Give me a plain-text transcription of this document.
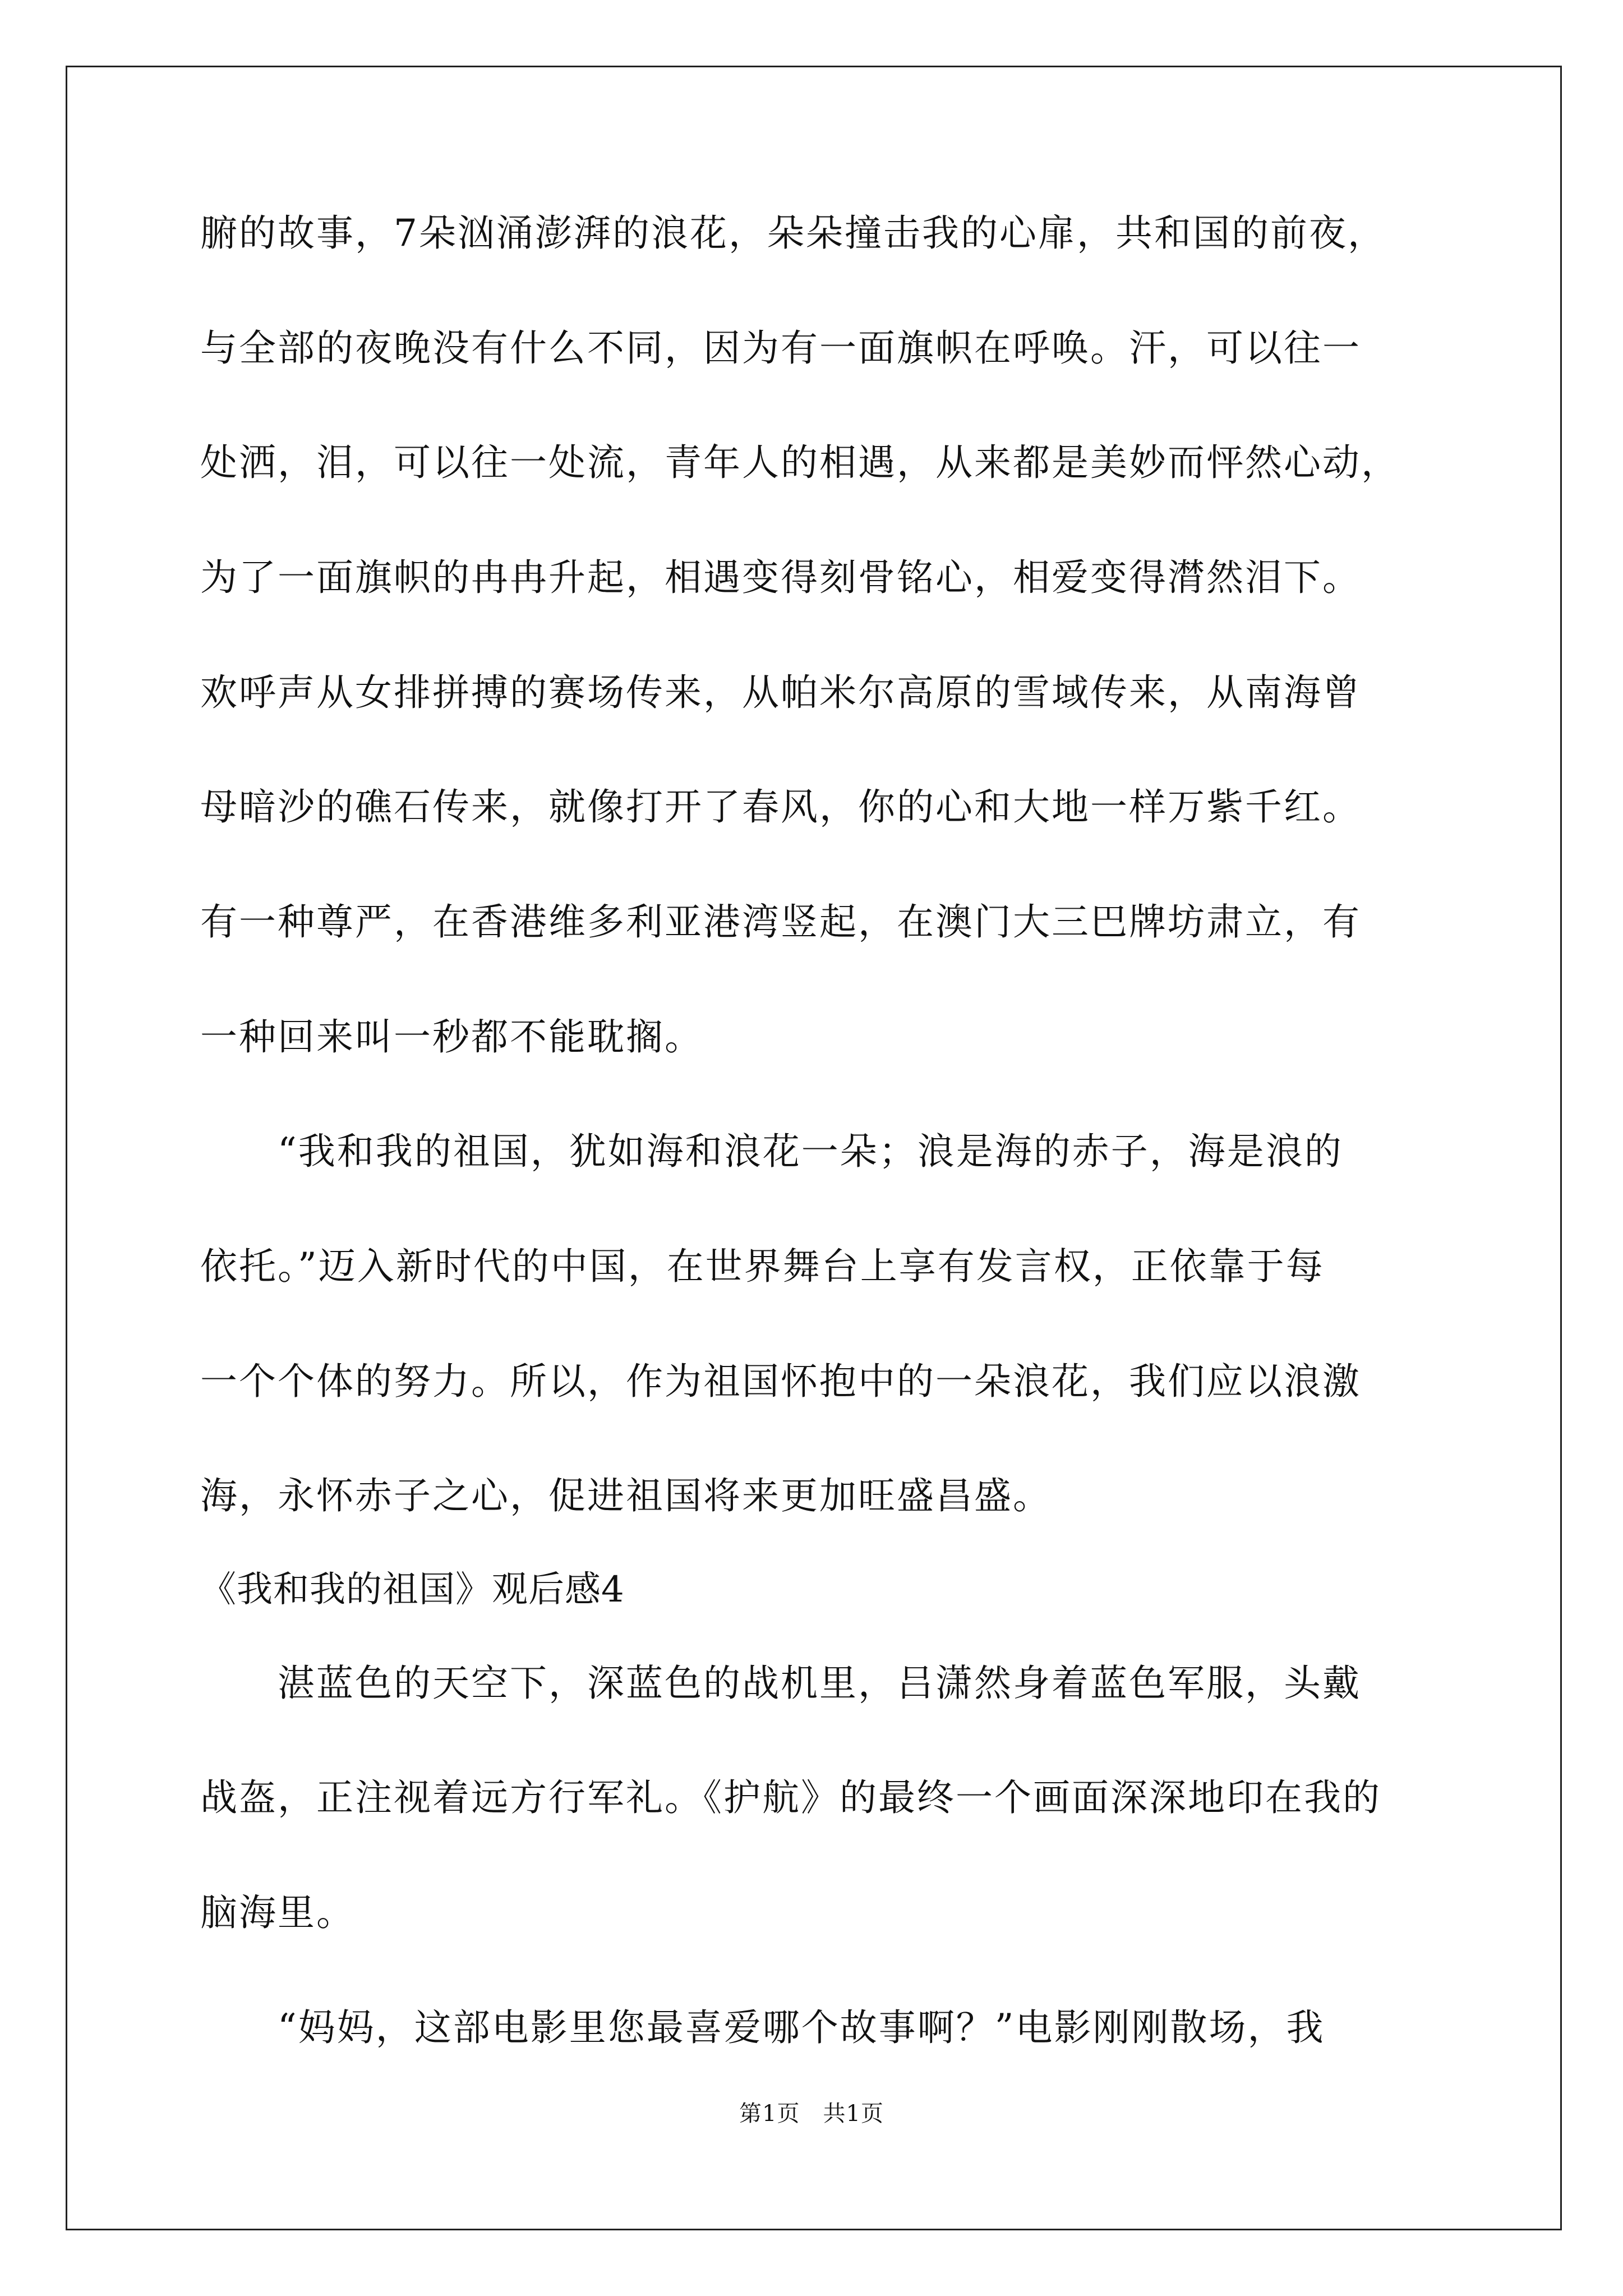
腑的故事，7朵汹涌澎湃的浪花，朵朵撞击我的心扉，共和国的前夜，
与全部的夜晚没有什么不同，因为有一面旗帜在呼唤。汗，可以往一
处洒，泪，可以往一处流，青年人的相遇，从来都是美妙而怦然心动，
为了一面旗帜的冉冉升起，相遇变得刻骨铭心，相爱变得潸然泪下。
欢呼声从女排拼搏的赛场传来，从帕米尔高原的雪域传来，从南海曾
母暗沙的礁石传来，就像打开了春风，你的心和大地一样万紫千红。
有一种尊严，在香港维多利亚港湾竖起，在澳门大三巴牌坊肃立，有
一种回来叫一秒都不能耽搁。
　　“我和我的祖国，犹如海和浪花一朵；浪是海的赤子，海是浪的
依托。”迈入新时代的中国，在世界舞台上享有发言权，正依靠于每
一个个体的努力。所以，作为祖国怀抱中的一朵浪花，我们应以浪激
海，永怀赤子之心，促进祖国将来更加旺盛昌盛。
《我和我的祖国》观后感4
　　湛蓝色的天空下，深蓝色的战机里，吕潇然身着蓝色军服，头戴
战盔，正注视着远方行军礼。《护航》的最终一个画面深深地印在我的
脑海里。
　　“妈妈，这部电影里您最喜爱哪个故事啊？”电影刚刚散场，我
第1页　共1页
